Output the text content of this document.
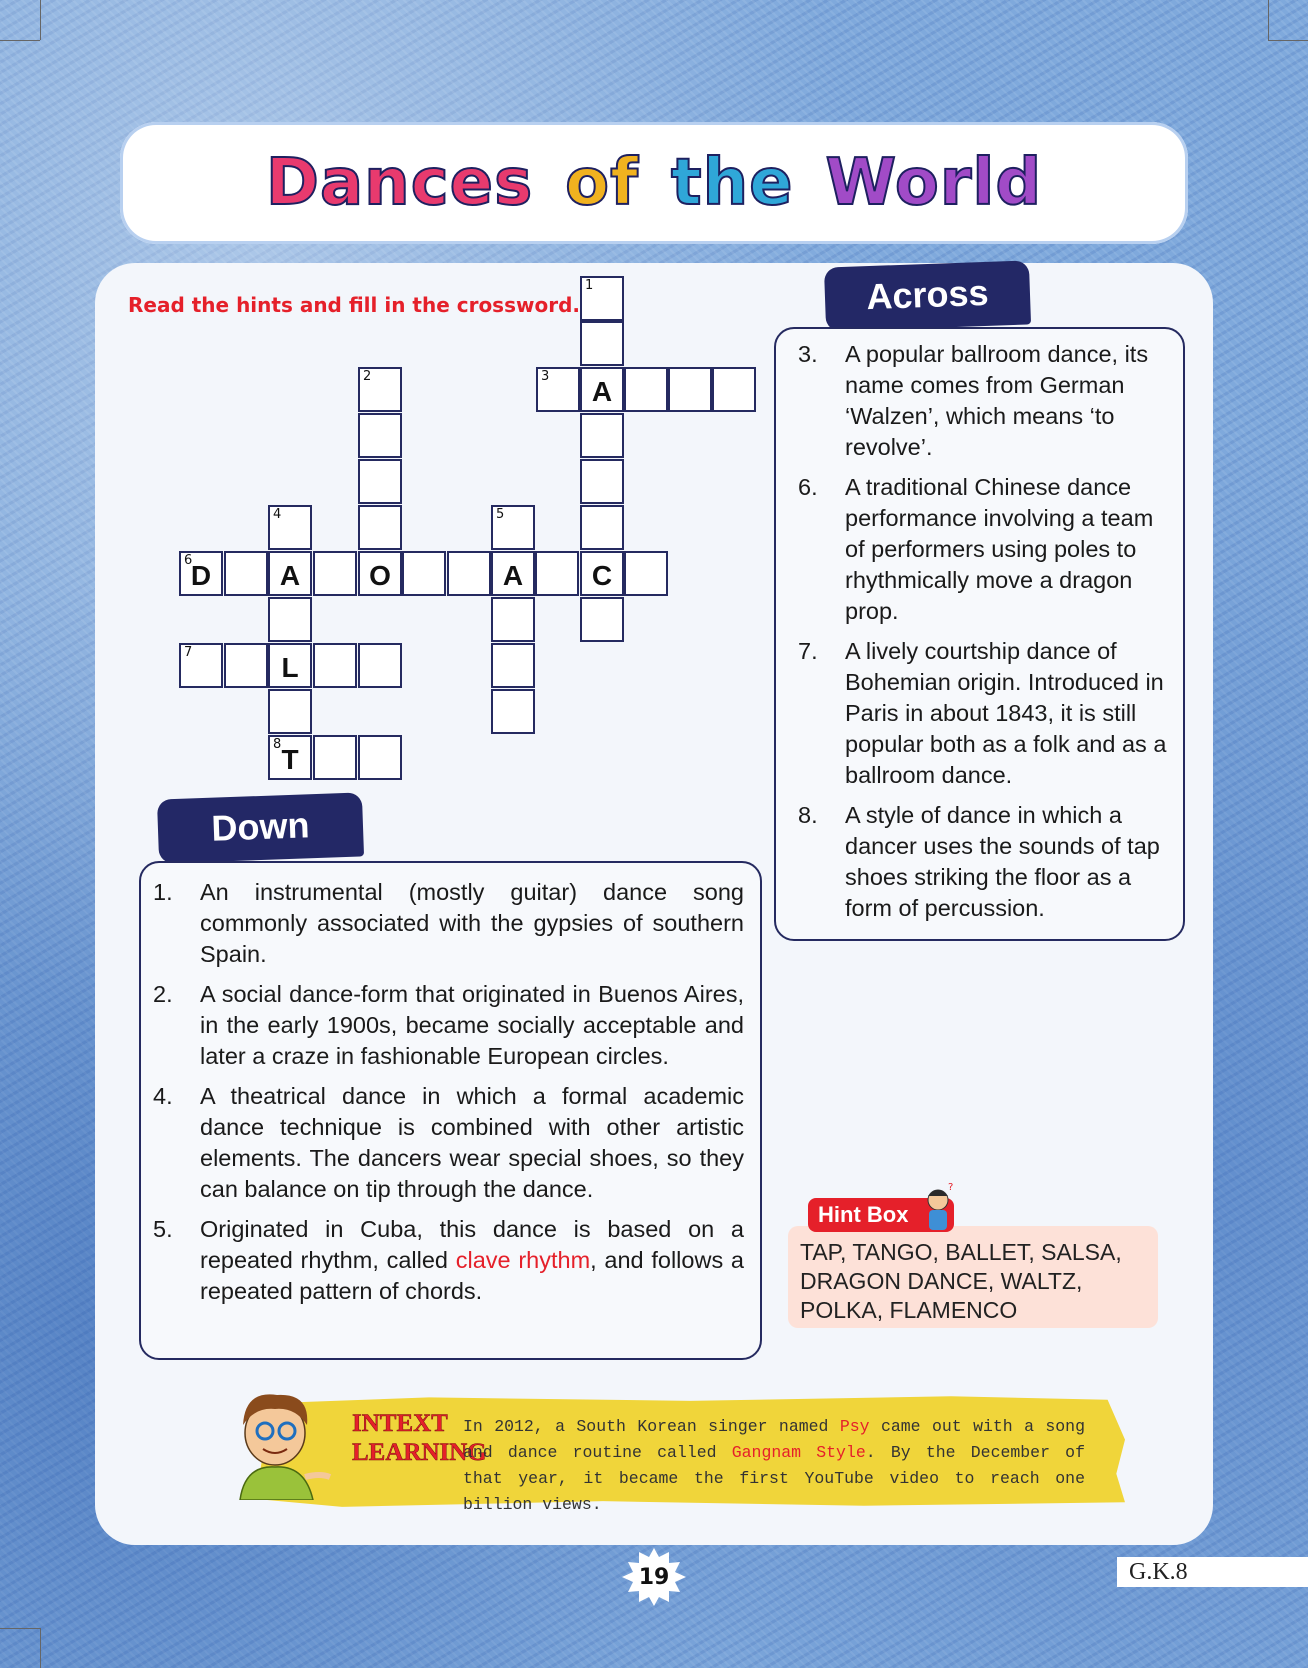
Dances of the World
Read the hints and fill in the crossword.
1
3	A
6
D	A	O	A	C
2
4
7	L
8 T
5
Across
3.	A popular ballroom dance, its name comes from German ‘Walzen’, which means ‘to revolve’.
6.	A traditional Chinese dance performance involving a team of performers using poles to rhythmically move a dragon prop.
7.	A lively courtship dance of Bohemian origin. Introduced in Paris in about 1843, it is still popular both as a folk and as a ballroom dance.
8.	A style of dance in which a dancer uses the sounds of tap shoes striking the floor as a form of percussion.
Down
1.	An instrumental (mostly guitar) dance song commonly associated with the gypsies of southern Spain.
2.	A social dance-form that originated in Buenos Aires, in the early 1900s, became socially acceptable and later a craze in fashionable European circles.
4.	A theatrical dance in which a formal academic dance technique is combined with other artistic elements. The dancers wear special shoes, so they can balance on tip through the dance.
5.	Originated in Cuba, this dance is based on a repeated rhythm, called clave rhythm, and follows a repeated pattern of chords.
Hint Box
?
TAP, TANGO, BALLET, SALSA, DRAGON DANCE, WALTZ, POLKA, FLAMENCO
INTEXT
LEARNING
In 2012, a South Korean singer named Psy came out with a song and dance routine called Gangnam Style. By the December of that year, it became the first YouTube video to reach one billion views.
19	G.K.8
